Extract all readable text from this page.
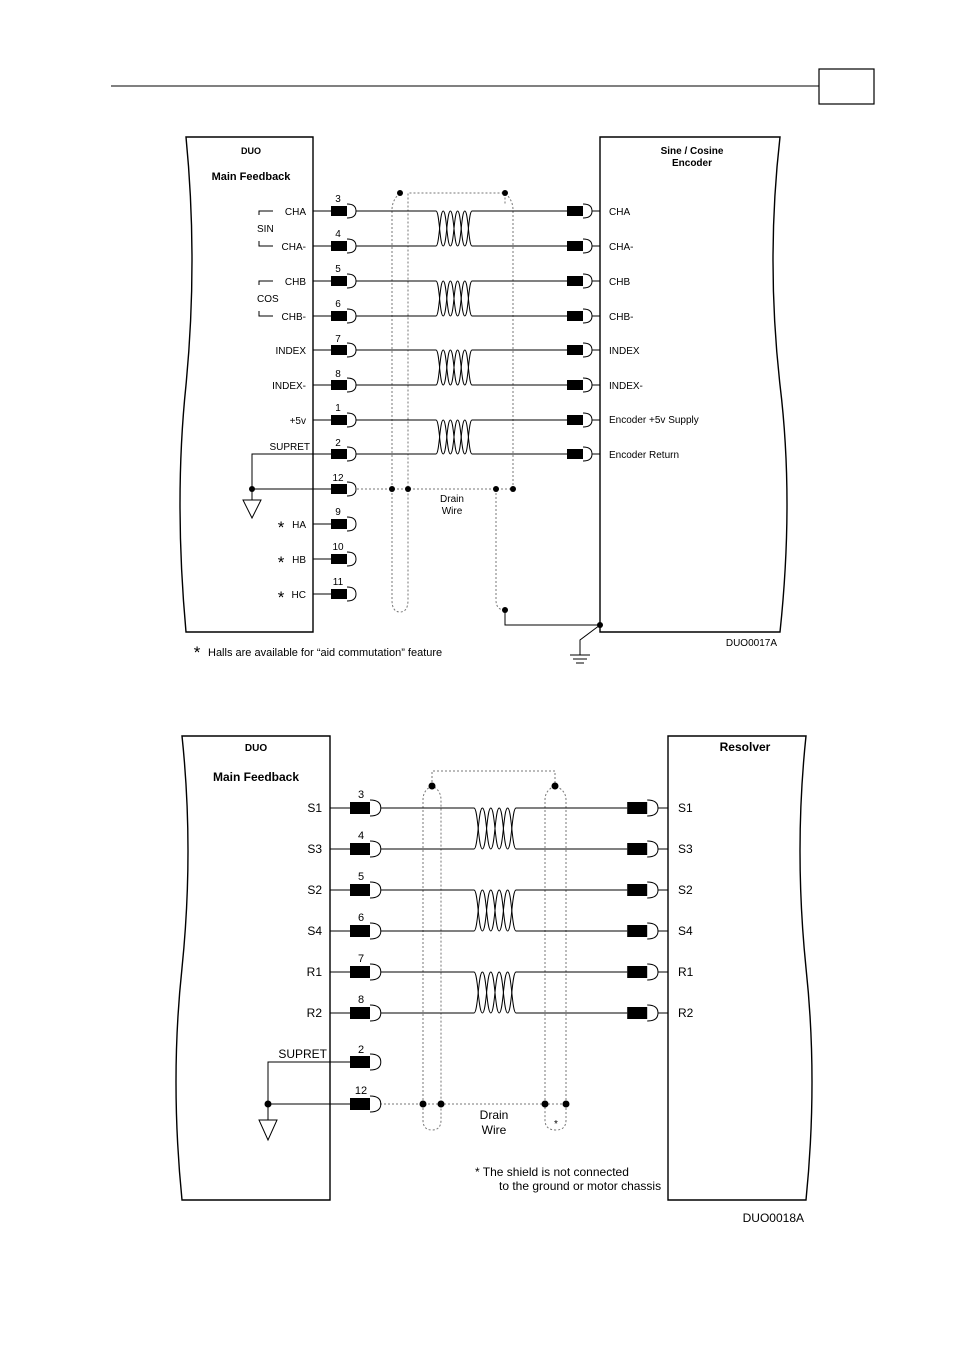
DUO
Main Feedback
Sine / Cosine
Encoder
SIN
COS
CHA
CHA-
CHB
CHB-
INDEX
INDEX-
+5v
SUPRET
HA
HB
HC
*
*
*
3
4
5
6
7
8
1
2
12
9
10
11
CHA
CHA-
CHB
CHB-
INDEX
INDEX-
Encoder +5v Supply
Encoder Return
Drain
Wire
* Halls are available for “aid commutation” feature
DUO0017A
DUO
Main Feedback
Resolver
S1
S3
S2
S4
R1
R2
SUPRET
3
4
5
6
7
8
2
12
S1
S3
S2
S4
R1
R2
Drain
Wire	*
* The shield is not connected
to the ground or motor chassis
DUO0018A
